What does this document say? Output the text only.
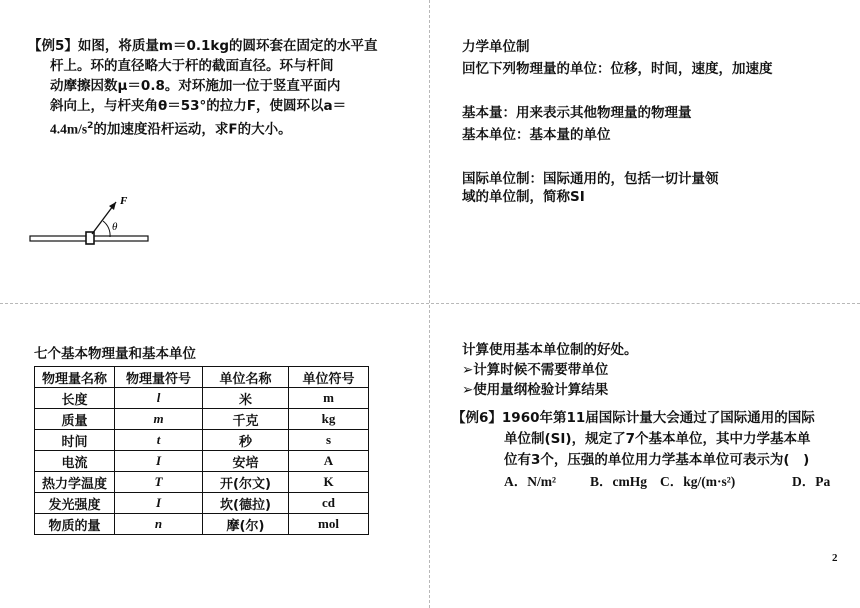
【例5】如图，将质量m＝0.1kg的圆环套在固定的水平直
杆上。环的直径略大于杆的截面直径。环与杆间
动摩擦因数μ＝0.8。对环施加一位于竖直平面内
斜向上，与杆夹角θ＝53°的拉力F，使圆环以a＝
$4.4m/s^2$的加速度沿杆运动，求F的大小。
F
θ
力学单位制
回忆下列物理量的单位：位移，时间，速度，加速度
基本量：用来表示其他物理量的物理量
基本单位：基本量的单位
国际单位制：国际通用的，包括一切计量领
域的单位制，简称SI
七个基本物理量和基本单位
物理量名称	物理量符号	单位名称	单位符号
长度	l	米	m
质量	m	千克	kg
时间	t	秒	s
电流	I	安培	A
热力学温度	T	开(尔文)	K
发光强度	I	坎(德拉)	cd
物质的量	n	摩(尔)	mol
计算使用基本单位制的好处。
➢计算时候不需要带单位
➢使用量纲检验计算结果
【例6】1960年第11届国际计量大会通过了国际通用的国际
单位制(SI)，规定了7个基本单位，其中力学基本单
位有3个，压强的单位用力学基本单位可表示为(　)
A．N/m²	B．cmHg C．kg/(m·s²)	D．Pa
2
